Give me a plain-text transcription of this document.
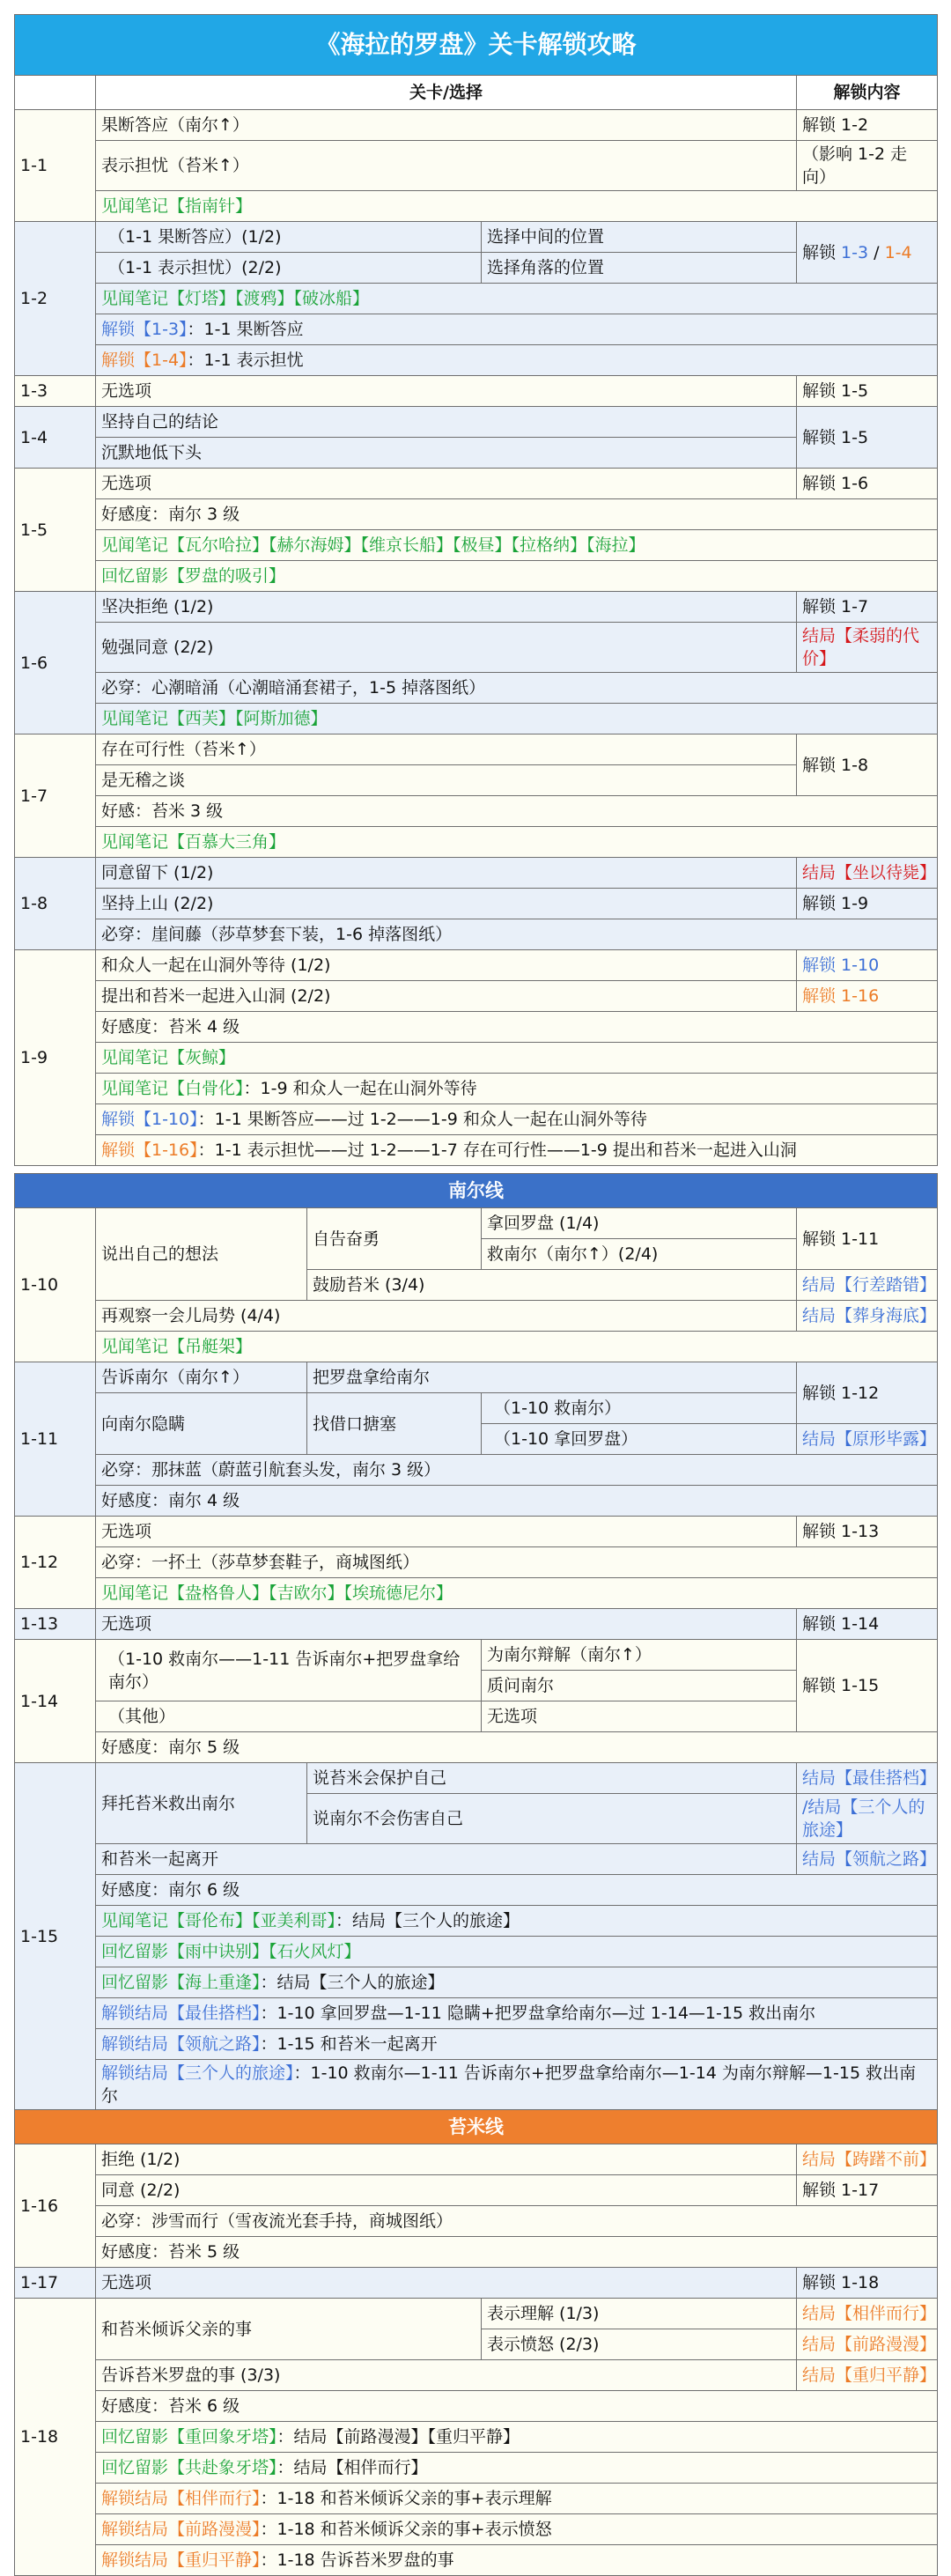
《海拉的罗盘》关卡解锁攻略				
	关卡/选择			解锁内容
1-1	果断答应（南尔↑）			解锁 1-2
	表示担忧（苔米↑）			（影响 1-2 走向）
	见闻笔记【指南针】			
1-2	（1-1 果断答应）(1/2)		选择中间的位置	解锁 1-3 / 1-4
	（1-1 表示担忧）(2/2)		选择角落的位置	
	见闻笔记【灯塔】【渡鸦】【破冰船】			
	解锁【1-3】：1-1 果断答应			
	解锁【1-4】：1-1 表示担忧			
1-3	无选项			解锁 1-5
1-4	坚持自己的结论			解锁 1-5
	沉默地低下头			
1-5	无选项			解锁 1-6
	好感度：南尔 3 级			
	见闻笔记【瓦尔哈拉】【赫尔海姆】【维京长船】【极昼】【拉格纳】【海拉】			
	回忆留影【罗盘的吸引】			
1-6	坚决拒绝 (1/2)			解锁 1-7
	勉强同意 (2/2)			结局【柔弱的代价】
	必穿：心潮暗涌（心潮暗涌套裙子，1-5 掉落图纸）			
	见闻笔记【西芙】【阿斯加德】			
1-7	存在可行性（苔米↑）			解锁 1-8
	是无稽之谈			
	好感：苔米 3 级			
	见闻笔记【百慕大三角】			
1-8	同意留下 (1/2)			结局【坐以待毙】
	坚持上山 (2/2)			解锁 1-9
	必穿：崖间藤（莎草梦套下装，1-6 掉落图纸）			
1-9	和众人一起在山洞外等待 (1/2)			解锁 1-10
	提出和苔米一起进入山洞 (2/2)			解锁 1-16
	好感度：苔米 4 级			
	见闻笔记【灰鲸】			
	见闻笔记【白骨化】：1-9 和众人一起在山洞外等待			
	解锁【1-10】：1-1 果断答应——过 1-2——1-9 和众人一起在山洞外等待			
	解锁【1-16】：1-1 表示担忧——过 1-2——1-7 存在可行性——1-9 提出和苔米一起进入山洞			

南尔线				
1-10	说出自己的想法	自告奋勇	拿回罗盘 (1/4)	解锁 1-11
			救南尔（南尔↑）(2/4)	
		鼓励苔米 (3/4)		结局【行差踏错】
	再观察一会儿局势 (4/4)			结局【葬身海底】
	见闻笔记【吊艇架】			
1-11	告诉南尔（南尔↑）	把罗盘拿给南尔		解锁 1-12
	向南尔隐瞒	找借口搪塞	（1-10 救南尔）	
			（1-10 拿回罗盘）	结局【原形毕露】
	必穿：那抹蓝（蔚蓝引航套头发，南尔 3 级）			
	好感度：南尔 4 级			
1-12	无选项			解锁 1-13
	必穿：一抔土（莎草梦套鞋子，商城图纸）			
	见闻笔记【盎格鲁人】【吉欧尔】【埃琉德尼尔】			
1-13	无选项			解锁 1-14
1-14	（1-10 救南尔——1-11 告诉南尔+把罗盘拿给南尔）		为南尔辩解（南尔↑）	解锁 1-15
			质问南尔	
	（其他）		无选项	
	好感度：南尔 5 级			
1-15	拜托苔米救出南尔	说苔米会保护自己		结局【最佳搭档】
		说南尔不会伤害自己		/结局【三个人的旅途】
	和苔米一起离开			结局【领航之路】
	好感度：南尔 6 级			
	见闻笔记【哥伦布】【亚美利哥】：结局【三个人的旅途】			
	回忆留影【雨中诀别】【石火风灯】			
	回忆留影【海上重逢】：结局【三个人的旅途】			
	解锁结局【最佳搭档】：1-10 拿回罗盘—1-11 隐瞒+把罗盘拿给南尔—过 1-14—1-15 救出南尔			
	解锁结局【领航之路】：1-15 和苔米一起离开			
	解锁结局【三个人的旅途】：1-10 救南尔—1-11 告诉南尔+把罗盘拿给南尔—1-14 为南尔辩解—1-15 救出南尔			
苔米线				
1-16	拒绝 (1/2)			结局【踌躇不前】
	同意 (2/2)			解锁 1-17
	必穿：涉雪而行（雪夜流光套手持，商城图纸）			
	好感度：苔米 5 级			
1-17	无选项			解锁 1-18
1-18	和苔米倾诉父亲的事		表示理解 (1/3)	结局【相伴而行】
			表示愤怒 (2/3)	结局【前路漫漫】
	告诉苔米罗盘的事 (3/3)			结局【重归平静】
	好感度：苔米 6 级			
	回忆留影【重回象牙塔】：结局【前路漫漫】【重归平静】			
	回忆留影【共赴象牙塔】：结局【相伴而行】			
	解锁结局【相伴而行】：1-18 和苔米倾诉父亲的事+表示理解			
	解锁结局【前路漫漫】：1-18 和苔米倾诉父亲的事+表示愤怒			
	解锁结局【重归平静】：1-18 告诉苔米罗盘的事			
